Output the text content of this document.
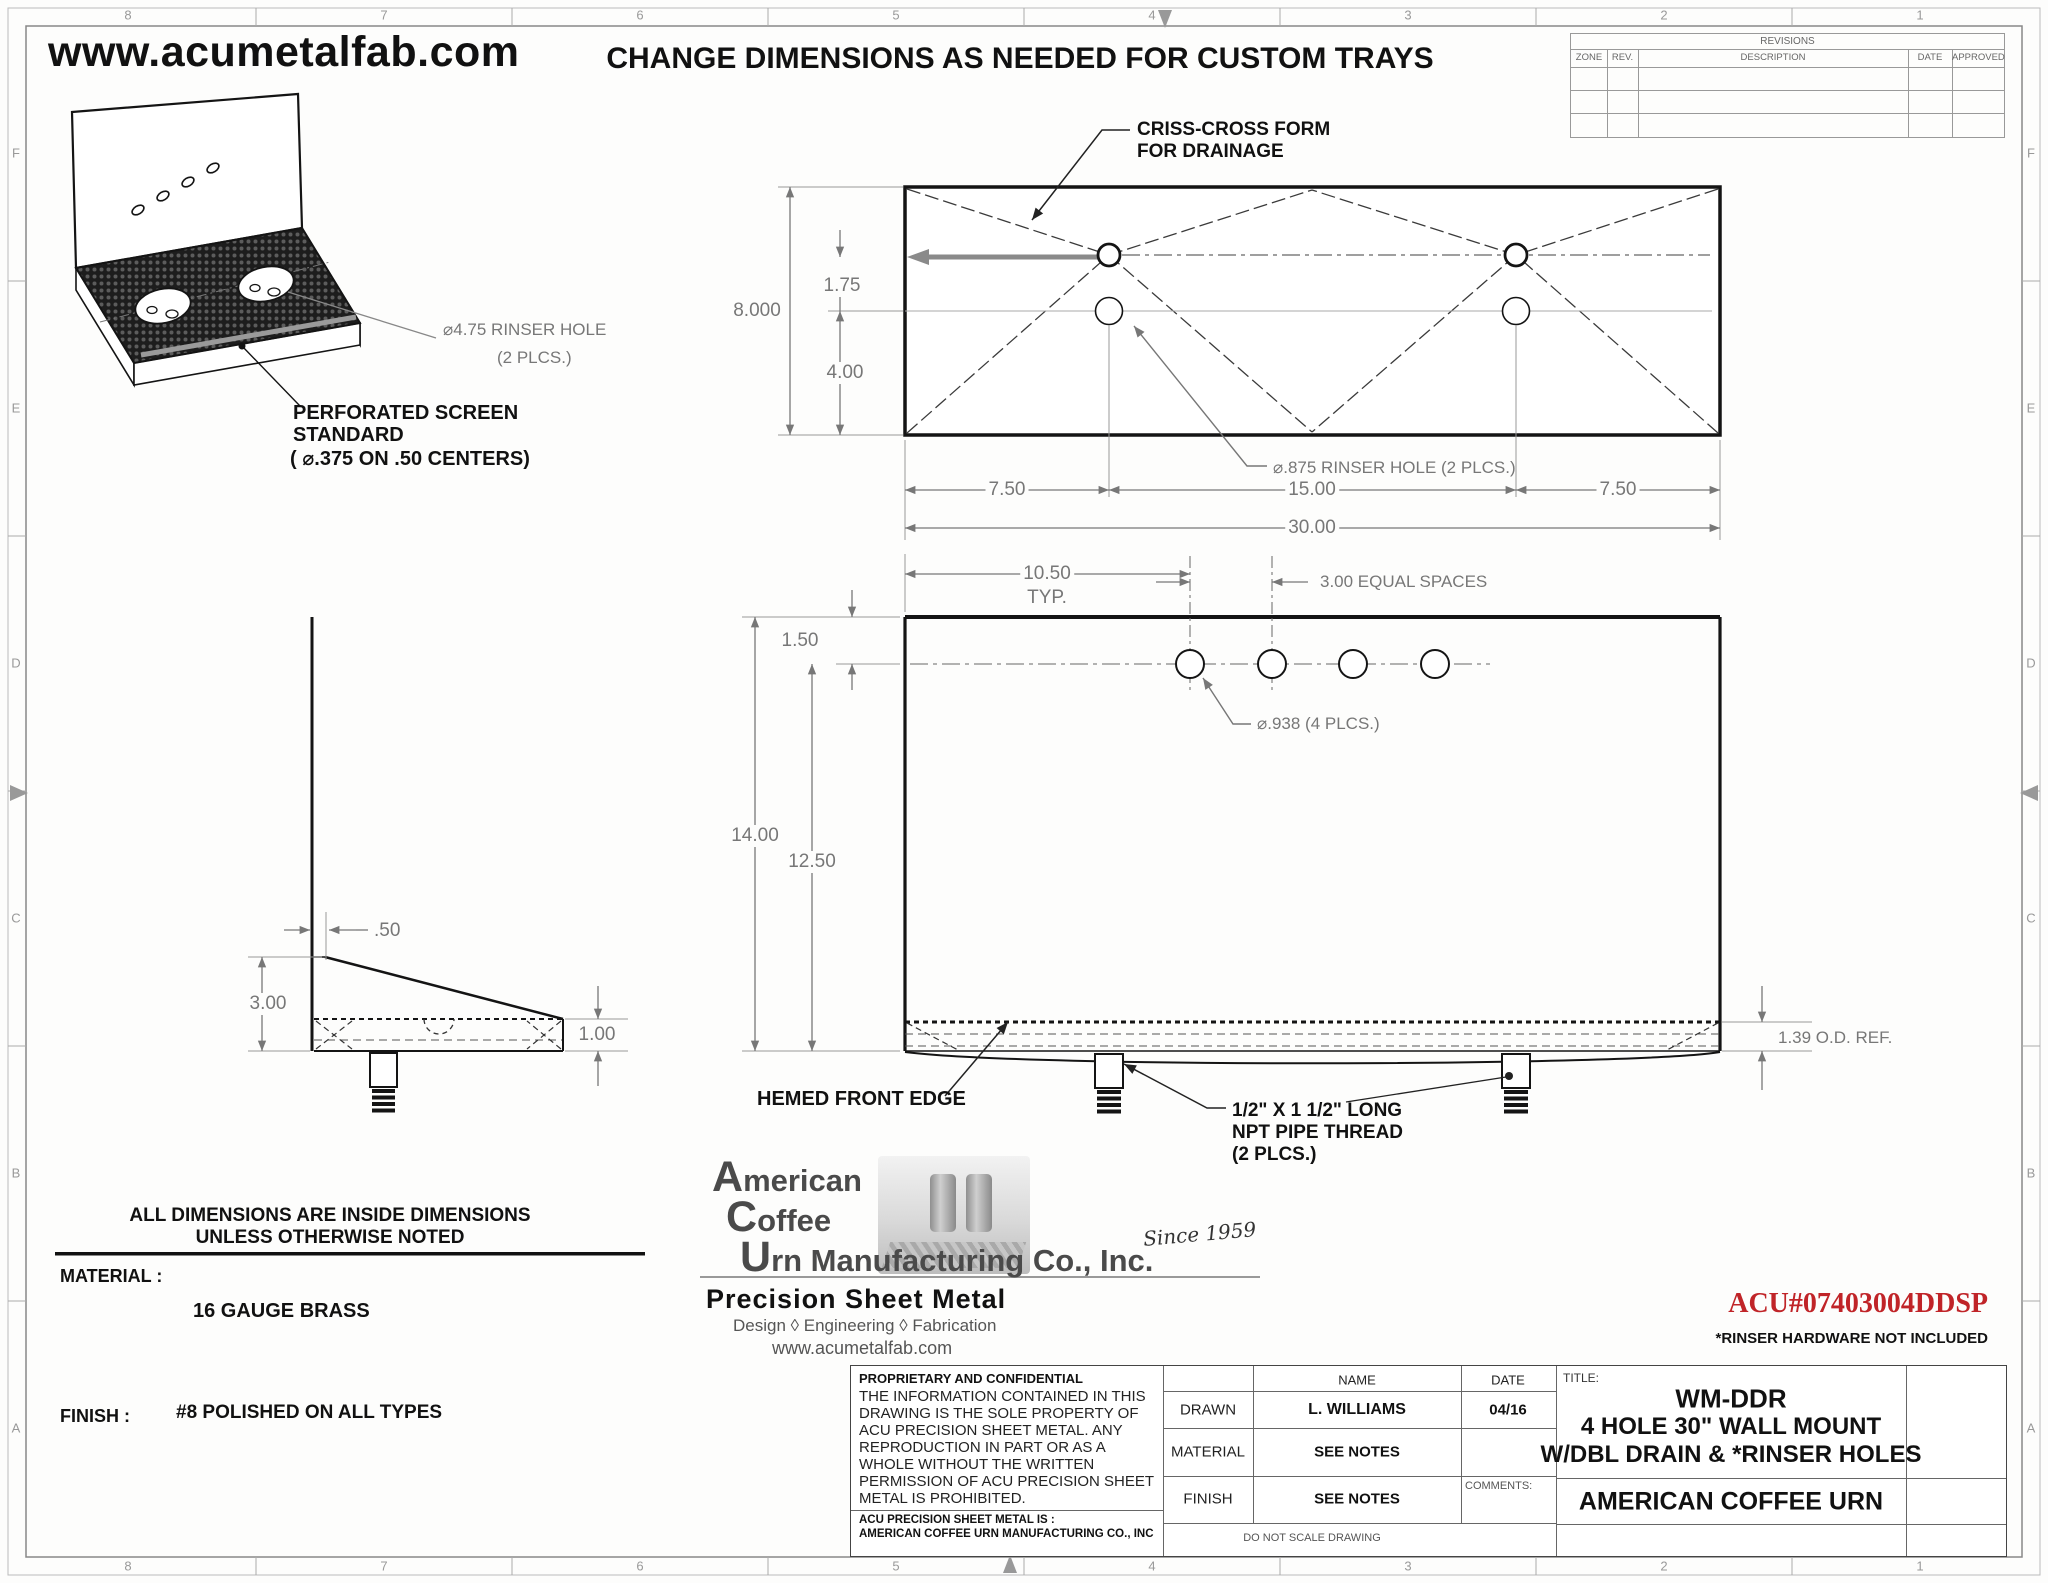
8	7	6	5	4	3	2	1
8	7	6	5	4	3	2	1
F
E
D
C
B
A
F
E
D
C
B
A
www.acumetalfab.com	CHANGE DIMENSIONS AS NEEDED FOR CUSTOM TRAYS
REVISIONS
ZONE	REV.	DESCRIPTION	DATE	APPROVED
⌀4.75 RINSER HOLE
(2 PLCS.)
PERFORATED SCREEN
STANDARD
( ⌀.375 ON .50 CENTERS)
CRISS-CROSS FORM
FOR DRAINAGE
⌀.875 RINSER HOLE (2 PLCS.)
8.000
1.75
4.00
7.50	15.00	7.50
30.00
10.50
TYP.
3.00 EQUAL SPACES
1.50
14.00
12.50
⌀.938 (4 PLCS.)
1.39 O.D. REF.
HEMED FRONT EDGE
1/2" X 1 1/2" LONG
NPT PIPE THREAD
(2 PLCS.)
.50
3.00
1.00
ALL DIMENSIONS ARE INSIDE DIMENSIONS
UNLESS OTHERWISE NOTED
MATERIAL :
16 GAUGE BRASS
FINISH : #8 POLISHED ON ALL TYPES
American
Coffee
Urn Manufacturing Co., Inc.
Since 1959
Precision Sheet Metal
Design ◊ Engineering ◊ Fabrication
www.acumetalfab.com
ACU#07403004DDSP
*RINSER HARDWARE NOT INCLUDED
PROPRIETARY AND CONFIDENTIAL
THE INFORMATION CONTAINED IN THIS DRAWING IS THE SOLE PROPERTY OF ACU PRECISION SHEET METAL. ANY REPRODUCTION IN PART OR AS A WHOLE WITHOUT THE WRITTEN PERMISSION OF ACU PRECISION SHEET METAL IS PROHIBITED.
ACU PRECISION SHEET METAL IS :
AMERICAN COFFEE URN MANUFACTURING CO., INC
NAME	DATE
DRAWN	L. WILLIAMS	04/16
MATERIAL	SEE NOTES
FINISH	SEE NOTES
COMMENTS:
DO NOT SCALE DRAWING
TITLE:
WM-DDR
4 HOLE 30" WALL MOUNT
W/DBL DRAIN & *RINSER HOLES
AMERICAN COFFEE URN
